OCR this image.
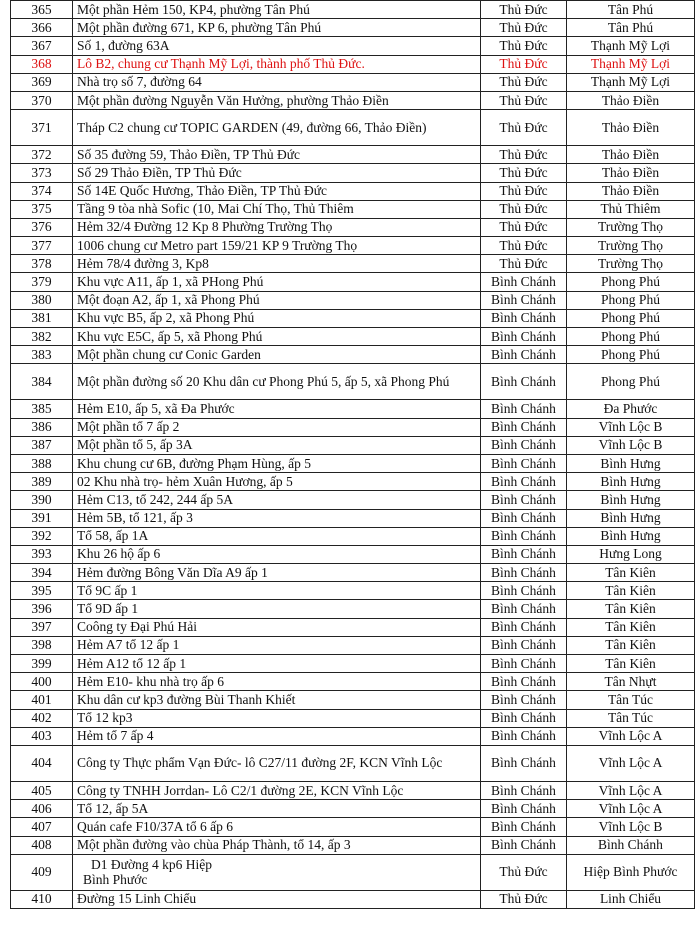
365	Một phần Hẻm 150, KP4, phường Tân Phú	Thủ Đức	Tân Phú
366	Một phần đường 671, KP 6, phường Tân Phú	Thủ Đức	Tân Phú
367	Số 1, đường 63A	Thủ Đức	Thạnh Mỹ Lợi
368	Lô B2, chung cư Thạnh Mỹ Lợi, thành phố Thủ Đức.	Thủ Đức	Thạnh Mỹ Lợi
369	Nhà trọ số 7, đường 64	Thủ Đức	Thạnh Mỹ Lợi
370	Một phần đường Nguyễn Văn Hưởng, phường Thảo Điền	Thủ Đức	Thảo Điền
371	Tháp C2 chung cư TOPIC GARDEN (49, đường 66, Thảo Điền)	Thủ Đức	Thảo Điền
372	Số 35 đường 59, Thảo Điền, TP Thủ Đức	Thủ Đức	Thảo Điền
373	Số 29 Thảo Điền, TP Thủ Đức	Thủ Đức	Thảo Điền
374	Số 14E Quốc Hương, Thảo Điền, TP Thủ Đức	Thủ Đức	Thảo Điền
375	Tầng 9 tòa nhà Sofic (10, Mai Chí Thọ, Thủ Thiêm	Thủ Đức	Thủ Thiêm
376	Hẻm 32/4 Đường 12 Kp 8 Phường Trường Thọ	Thủ Đức	Trường Thọ
377	1006 chung cư Metro part 159/21 KP 9 Trường Thọ	Thủ Đức	Trường Thọ
378	Hẻm 78/4 đường 3, Kp8	Thủ Đức	Trường Thọ
379	Khu vực A11, ấp 1, xã PHong Phú	Bình Chánh	Phong Phú
380	Một đoạn A2, ấp 1, xã Phong Phú	Bình Chánh	Phong Phú
381	Khu vực B5, ấp 2, xã Phong Phú	Bình Chánh	Phong Phú
382	Khu vực E5C, ấp 5, xã Phong Phú	Bình Chánh	Phong Phú
383	Một phần chung cư Conic Garden	Bình Chánh	Phong Phú
384	Một phần đường số 20 Khu dân cư Phong Phú 5, ấp 5, xã Phong Phú	Bình Chánh	Phong Phú
385	Hẻm E10, ấp 5, xã Đa Phước	Bình Chánh	Đa Phước
386	Một phần tổ 7 ấp 2	Bình Chánh	Vĩnh Lộc B
387	Một phần tổ 5, ấp 3A	Bình Chánh	Vĩnh Lộc B
388	Khu chung cư 6B, đường Phạm Hùng, ấp 5	Bình Chánh	Bình Hưng
389	02 Khu nhà trọ- hẻm Xuân Hương, ấp 5	Bình Chánh	Bình Hưng
390	Hẻm C13, tổ 242, 244 ấp 5A	Bình Chánh	Bình Hưng
391	Hẻm 5B, tổ 121, ấp 3	Bình Chánh	Bình Hưng
392	Tổ 58, ấp 1A	Bình Chánh	Bình Hưng
393	Khu 26 hộ ấp 6	Bình Chánh	Hưng Long
394	Hẻm đường Bông Văn Dĩa A9 ấp 1	Bình Chánh	Tân Kiên
395	Tổ 9C ấp 1	Bình Chánh	Tân Kiên
396	Tổ 9D ấp 1	Bình Chánh	Tân Kiên
397	Coông ty Đại Phú Hải	Bình Chánh	Tân Kiên
398	Hẻm A7 tổ 12 ấp 1	Bình Chánh	Tân Kiên
399	Hẻm A12 tổ 12 ấp 1	Bình Chánh	Tân Kiên
400	Hẻm E10- khu nhà trọ ấp 6	Bình Chánh	Tân Nhựt
401	Khu dân cư kp3 đường Bùi Thanh Khiết	Bình Chánh	Tân Túc
402	Tổ 12 kp3	Bình Chánh	Tân Túc
403	Hẻm tổ 7 ấp 4	Bình Chánh	Vĩnh Lộc A
404	Công ty Thực phẩm Vạn Đức- lô C27/11 đường 2F, KCN Vĩnh Lộc	Bình Chánh	Vĩnh Lộc A
405	Công ty TNHH Jorrdan- Lô C2/1 đường 2E, KCN Vĩnh Lộc	Bình Chánh	Vĩnh Lộc A
406	Tổ 12, ấp 5A	Bình Chánh	Vĩnh Lộc A
407	Quán cafe F10/37A tổ 6 ấp 6	Bình Chánh	Vĩnh Lộc B
408	Một phần đường vào chùa Pháp Thành, tổ 14, ấp 3	Bình Chánh	Bình Chánh
409	D1 Đường 4 kp6 Hiệp
Bình Phước	Thủ Đức	Hiệp Bình Phước
410	Đường 15 Linh Chiểu	Thủ Đức	Linh Chiểu
